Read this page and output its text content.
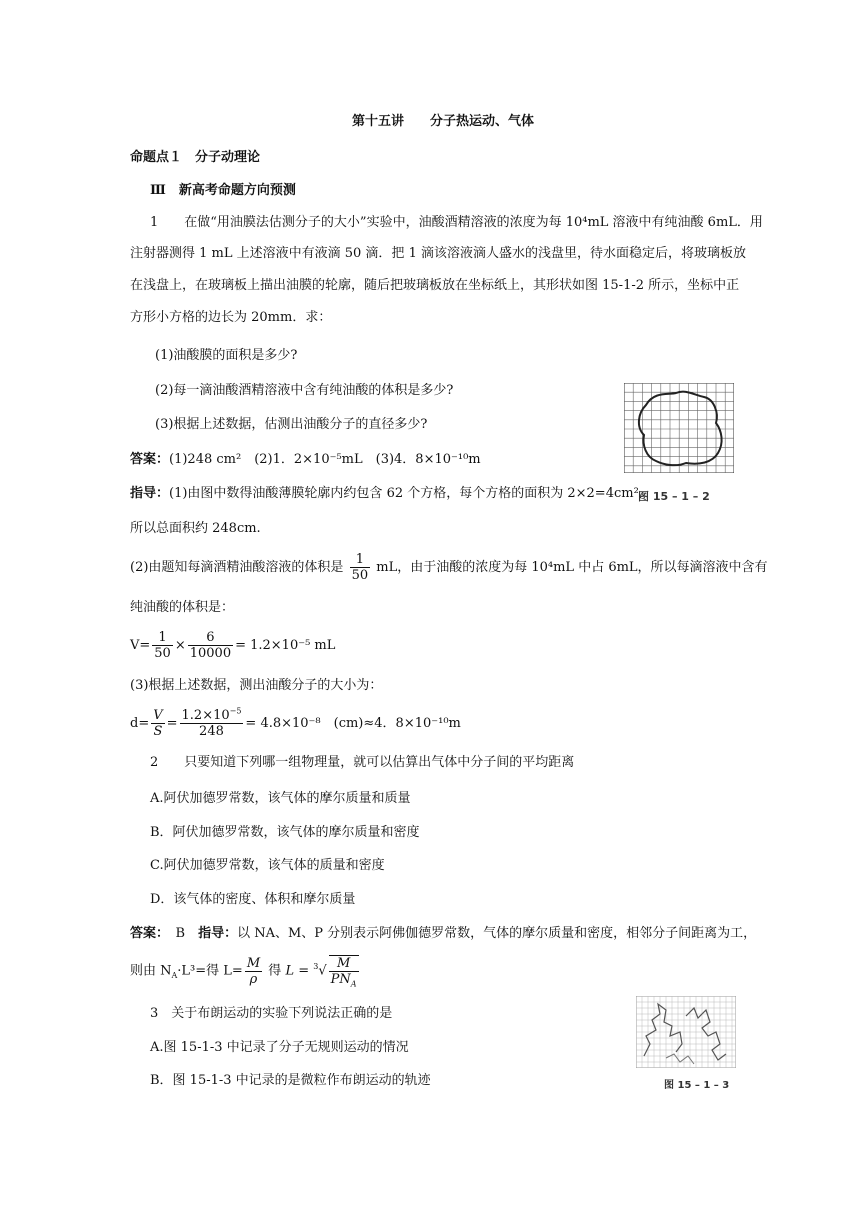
第十五讲　　分子热运动、气体
命题点１　分子动理论
Ⅲ　新高考命题方向预测
1　　在做“用油膜法估测分子的大小”实验中，油酸酒精溶液的浓度为每 10⁴mL 溶液中有纯油酸 6mL．用
注射器测得 1 mL 上述溶液中有液滴 50 滴．把 1 滴该溶液滴人盛水的浅盘里，待水面稳定后，将玻璃板放
在浅盘上，在玻璃板上描出油膜的轮廓，随后把玻璃板放在坐标纸上，其形状如图 15-1-2 所示，坐标中正
方形小方格的边长为 20mm．求：
(1)油酸膜的面积是多少?
(2)每一滴油酸酒精溶液中含有纯油酸的体积是多少?
(3)根据上述数据，估测出油酸分子的直径多少?
答案：(1)248 cm²　(2)1．2×10⁻⁵mL　(3)4．8×10⁻¹⁰m
指导：(1)由图中数得油酸薄膜轮廓内约包含 62 个方格，每个方格的面积为 2×2=4cm²,
所以总面积约 248cm.
(2)由题知每滴酒精油酸溶液的体积是 $\frac{1}{50}$ mL，由于油酸的浓度为每 10⁴mL 中占 6mL，所以每滴溶液中含有
纯油酸的体积是：
$V= \frac{1}{50} \times \frac{6}{10000} = 1.2\times 10^{-5}$ mL
(3)根据上述数据，测出油酸分子的大小为：
$d= \frac{V}{S} = \frac{1.2\times 10^{-5}}{248} = 4.8\times 10^{-8}$　(cm)≈4．8×10⁻¹⁰m
图 15 – 1 – 2
2　　只要知道下列哪一组物理量，就可以估算出气体中分子间的平均距离
A.阿伏加德罗常数，该气体的摩尔质量和质量
B．阿伏加德罗常数，该气体的摩尔质量和密度
C.阿伏加德罗常数，该气体的质量和密度
D．该气体的密度、体积和摩尔质量
答案：　B　指导：以 NA、M、P 分别表示阿佛伽德罗常数，气体的摩尔质量和密度，相邻分子间距离为工，
则由 $N_A\cdot L^3=$得 $L= \frac{M}{\rho}$ 得 $L = ^3√ \frac{M}{PN_A}$
3　关于布朗运动的实验下列说法正确的是
A.图 15-1-3 中记录了分子无规则运动的情况
B．图 15-1-3 中记录的是微粒作布朗运动的轨迹	图 15 – 1 – 3
